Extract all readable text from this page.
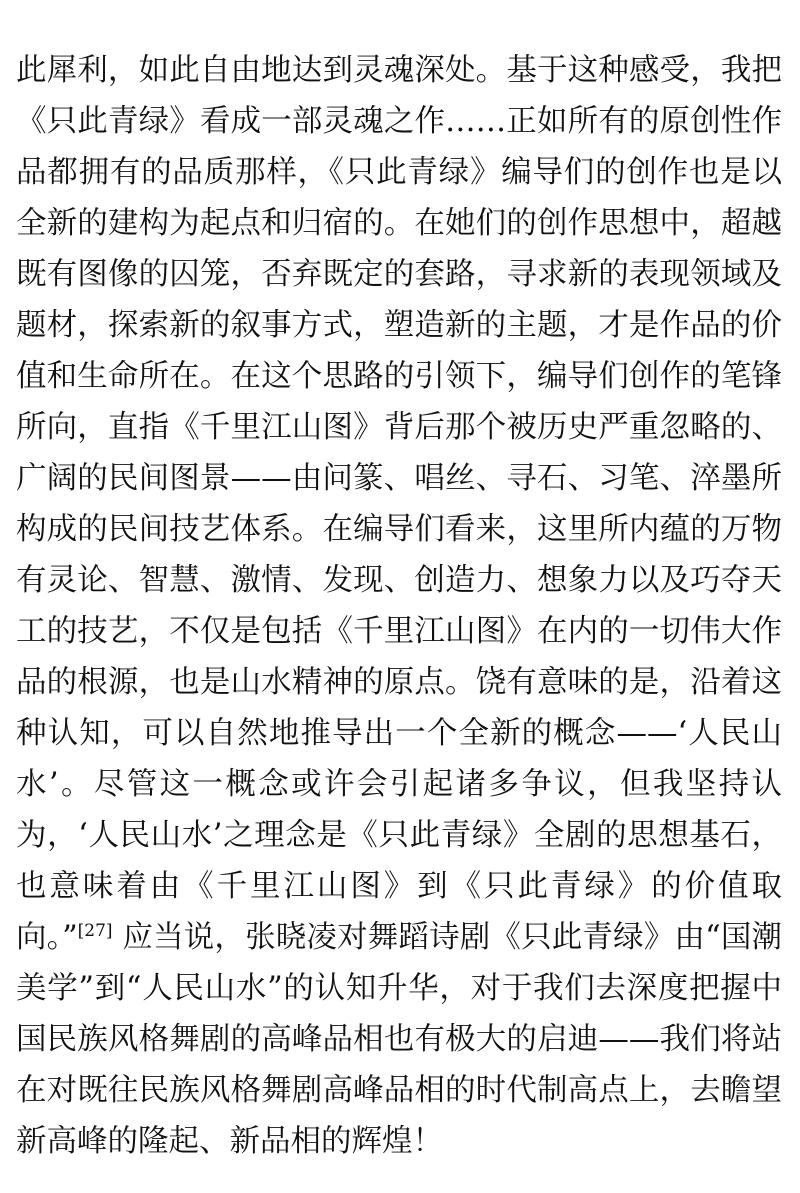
此犀利，如此自由地达到灵魂深处。基于这种感受，我把《只此青绿》看成一部灵魂之作……正如所有的原创性作品都拥有的品质那样，《只此青绿》编导们的创作也是以全新的建构为起点和归宿的。在她们的创作思想中，超越既有图像的囚笼，否弃既定的套路，寻求新的表现领域及题材，探索新的叙事方式，塑造新的主题，才是作品的价值和生命所在。在这个思路的引领下，编导们创作的笔锋所向，直指《千里江山图》背后那个被历史严重忽略的、广阔的民间图景——由问篆、唱丝、寻石、习笔、淬墨所构成的民间技艺体系。在编导们看来，这里所内蕴的万物有灵论、智慧、激情、发现、创造力、想象力以及巧夺天工的技艺，不仅是包括《千里江山图》在内的一切伟大作品的根源，也是山水精神的原点。饶有意味的是，沿着这种认知，可以自然地推导出一个全新的概念——‘人民山水’。尽管这一概念或许会引起诸多争议，但我坚持认为，‘人民山水’之理念是《只此青绿》全剧的思想基石，也意味着由《千里江山图》到《只此青绿》的价值取向。”[27] 应当说，张晓凌对舞蹈诗剧《只此青绿》由“国潮美学”到“人民山水”的认知升华，对于我们去深度把握中国民族风格舞剧的高峰品相也有极大的启迪——我们将站在对既往民族风格舞剧高峰品相的时代制高点上，去瞻望新高峰的隆起、新品相的辉煌！
